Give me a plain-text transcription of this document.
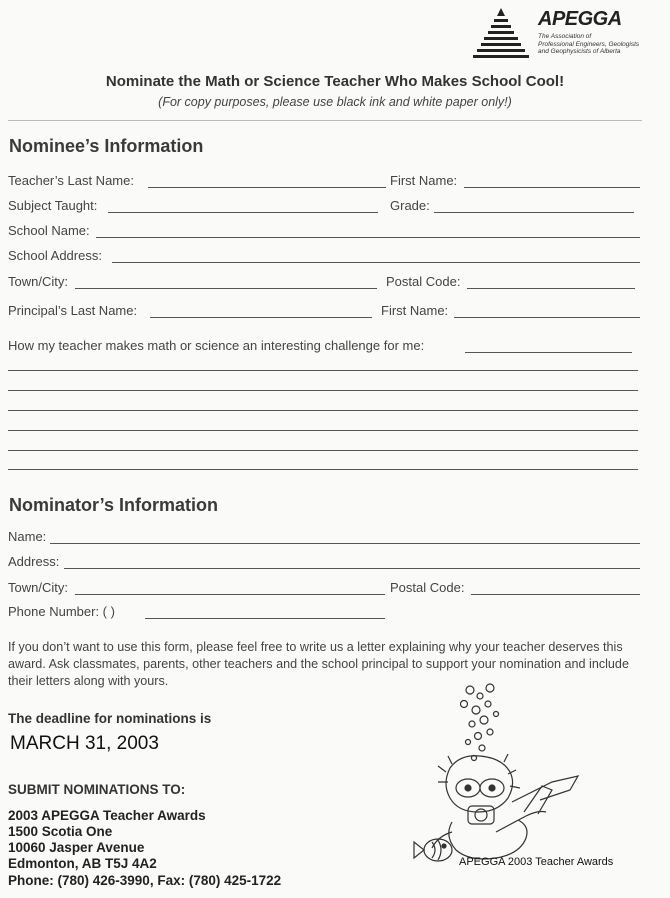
APEGGA
The Association of
Professional Engineers, Geologists
and Geophysicists of Alberta
Nominate the Math or Science Teacher Who Makes School Cool!
(For copy purposes, please use black ink and white paper only!)
Nominee’s Information
Teacher’s Last Name:	First Name:
Subject Taught:	Grade:
School Name:
School Address:
Town/City:	Postal Code:
Principal’s Last Name:	First Name:
How my teacher makes math or science an interesting challenge for me:
Nominator’s Information
Name:
Address:
Town/City:	Postal Code:
Phone Number: ( )
If you don’t want to use this form, please feel free to write us a letter explaining why your teacher deserves this award. Ask classmates, parents, other teachers and the school principal to support your nomination and include their letters along with yours.
The deadline for nominations is
MARCH 31, 2003
SUBMIT NOMINATIONS TO:
2003 APEGGA Teacher Awards
1500 Scotia One
10060 Jasper Avenue
Edmonton, AB T5J 4A2
Phone: (780) 426-3990, Fax: (780) 425-1722
APEGGA 2003 Teacher Awards
